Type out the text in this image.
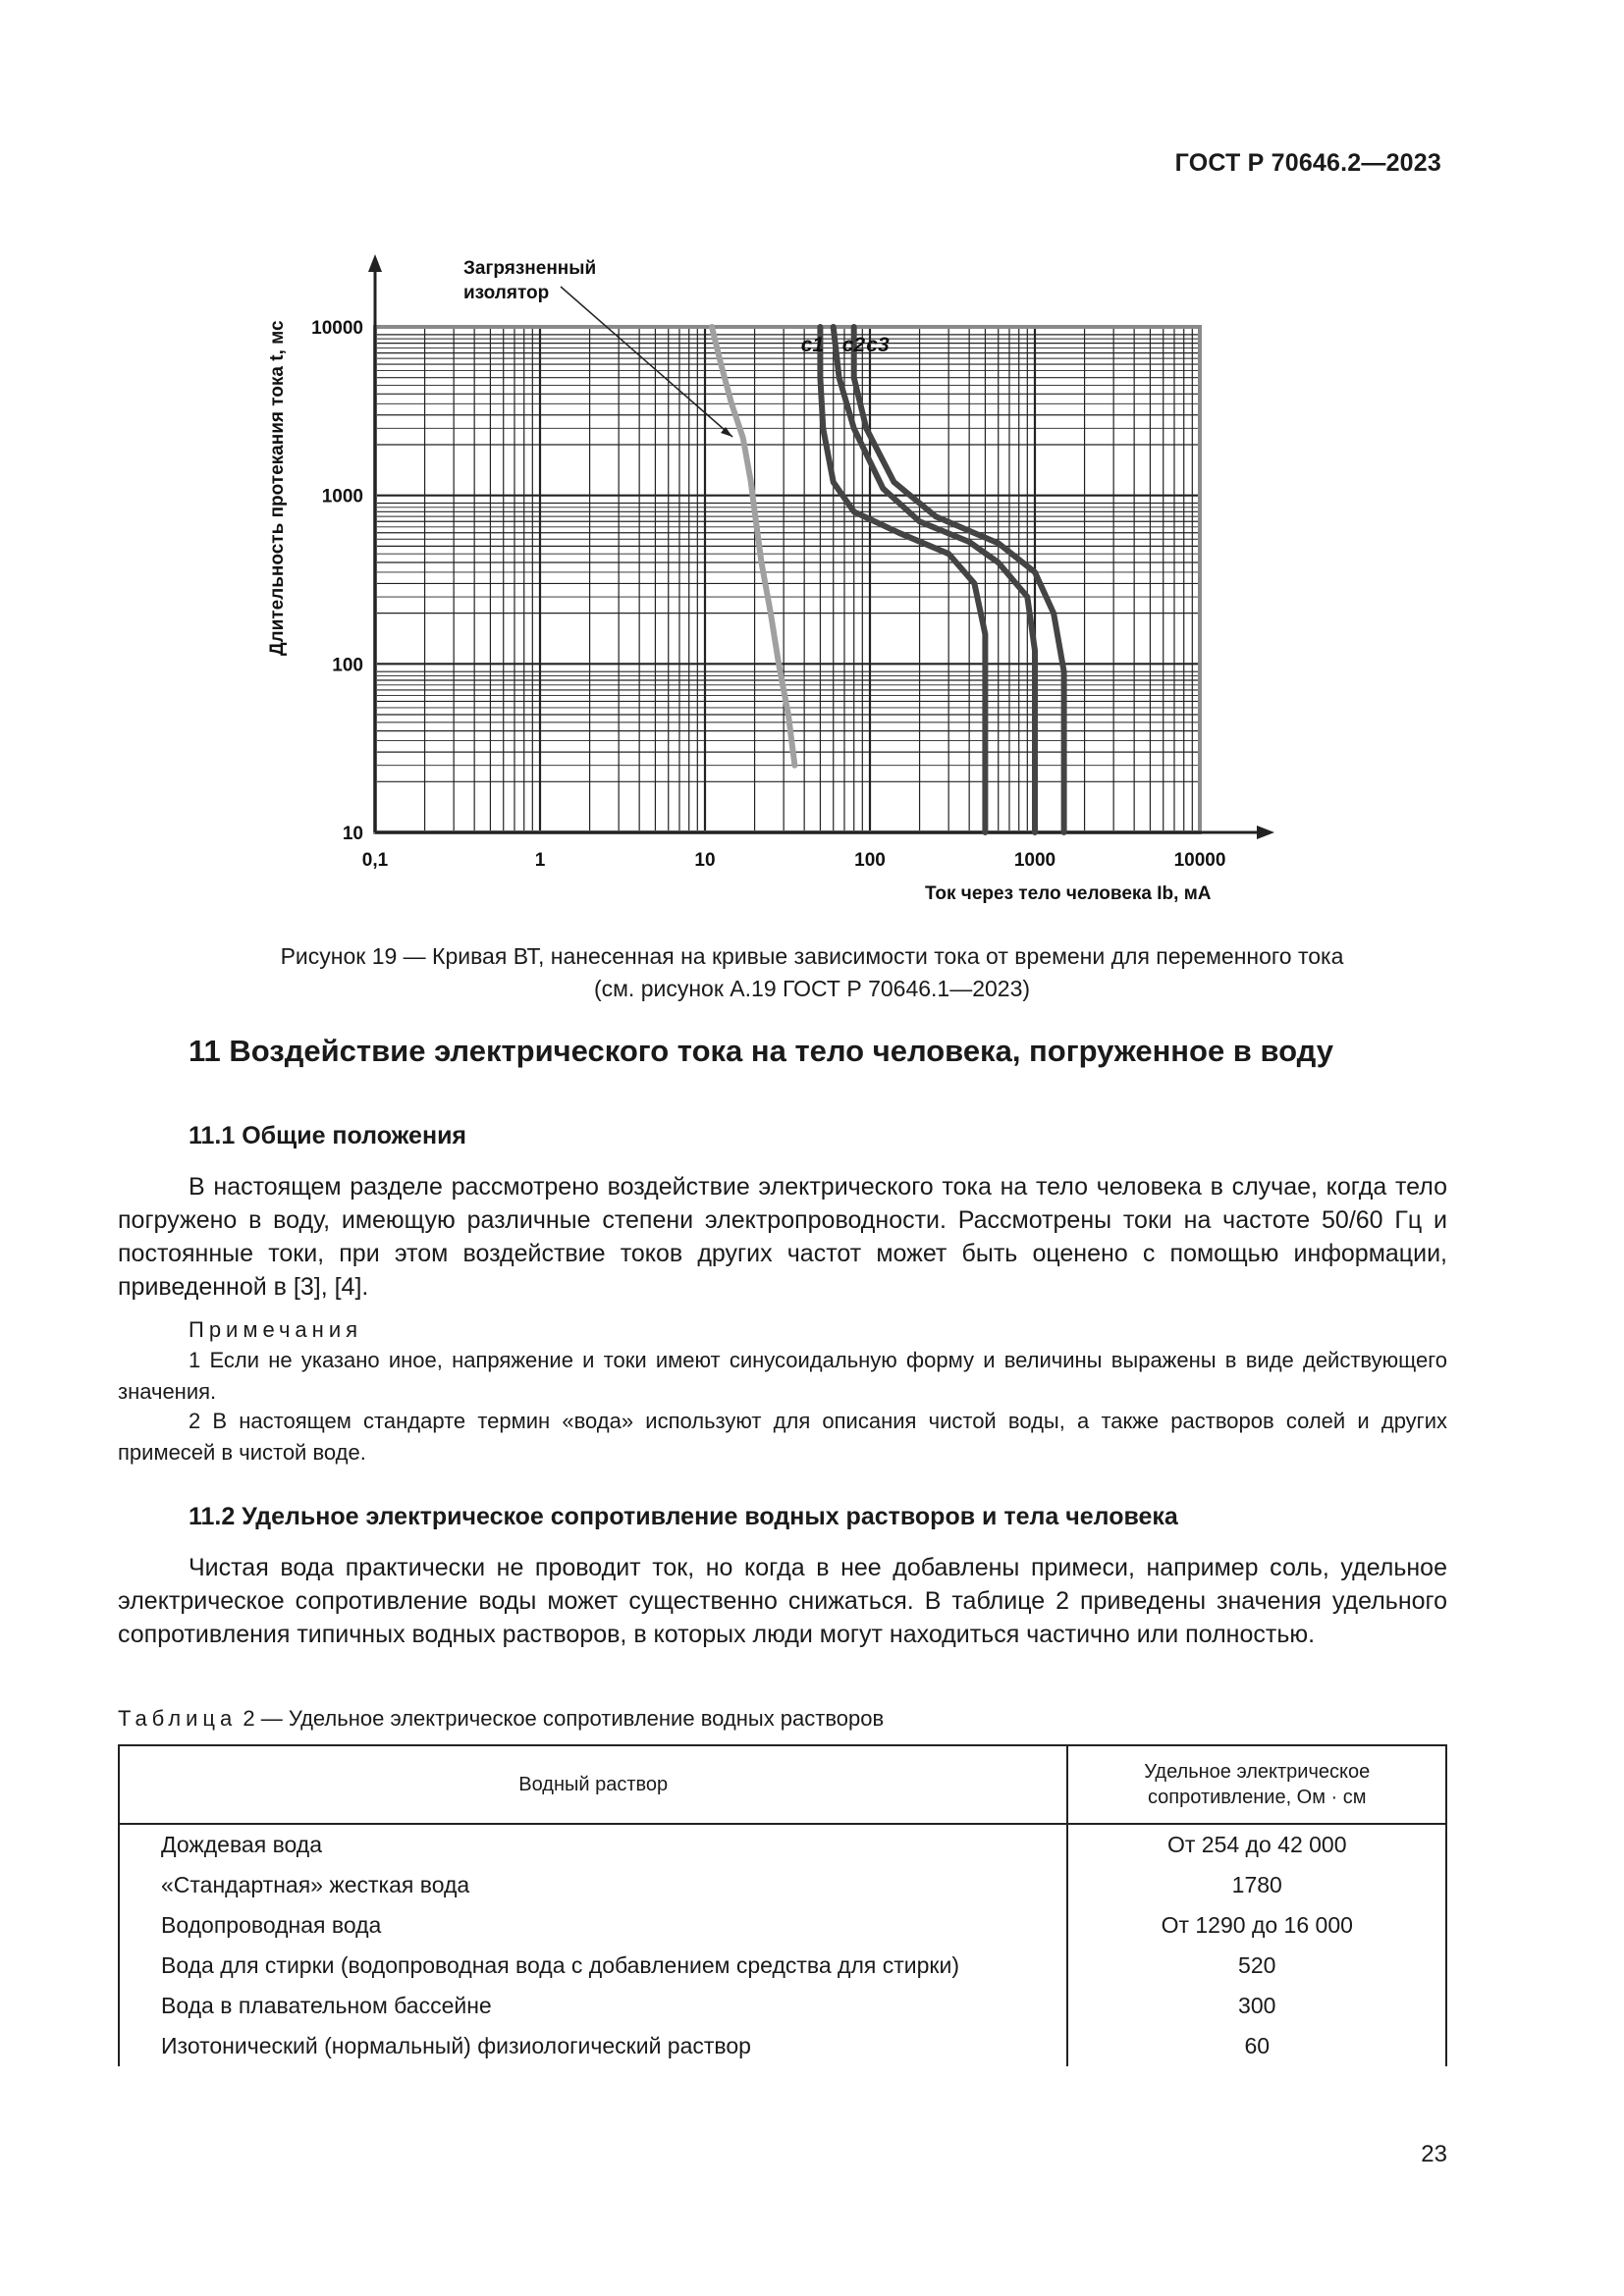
ГОСТ Р 70646.2—2023
0,1	1	10	100	1000	10000
10
100
1000
10000
c1 c2 c3
Длительность протекания тока t, мс
Ток через тело человека Ib, мА
Загрязненный изолятор
Рисунок 19 — Кривая ВТ, нанесенная на кривые зависимости тока от времени для переменного тока
(см. рисунок А.19 ГОСТ Р 70646.1—2023)
11 Воздействие электрического тока на тело человека, погруженное в воду
11.1 Общие положения
В настоящем разделе рассмотрено воздействие электрического тока на тело человека в случае, когда тело погружено в воду, имеющую различные степени электропроводности. Рассмотрены токи на частоте 50/60 Гц и постоянные токи, при этом воздействие токов других частот может быть оценено с помощью информации, приведенной в [3], [4].
Примечания
1 Если не указано иное, напряжение и токи имеют синусоидальную форму и величины выражены в виде действующего значения.
2 В настоящем стандарте термин «вода» используют для описания чистой воды, а также растворов солей и других примесей в чистой воде.
11.2 Удельное электрическое сопротивление водных растворов и тела человека
Чистая вода практически не проводит ток, но когда в нее добавлены примеси, например соль, удельное электрическое сопротивление воды может существенно снижаться. В таблице 2 приведены значения удельного сопротивления типичных водных растворов, в которых люди могут находиться частично или полностью.
Таблица 2 — Удельное электрическое сопротивление водных растворов
Водный раствор	Удельное электрическое
сопротивление, Ом · см

Дождевая вода	От 254 до 42 000
«Стандартная» жесткая вода	1780
Водопроводная вода	От 1290 до 16 000
Вода для стирки (водопроводная вода с добавлением средства для стирки)	520
Вода в плавательном бассейне	300
Изотонический (нормальный) физиологический раствор	60
23
